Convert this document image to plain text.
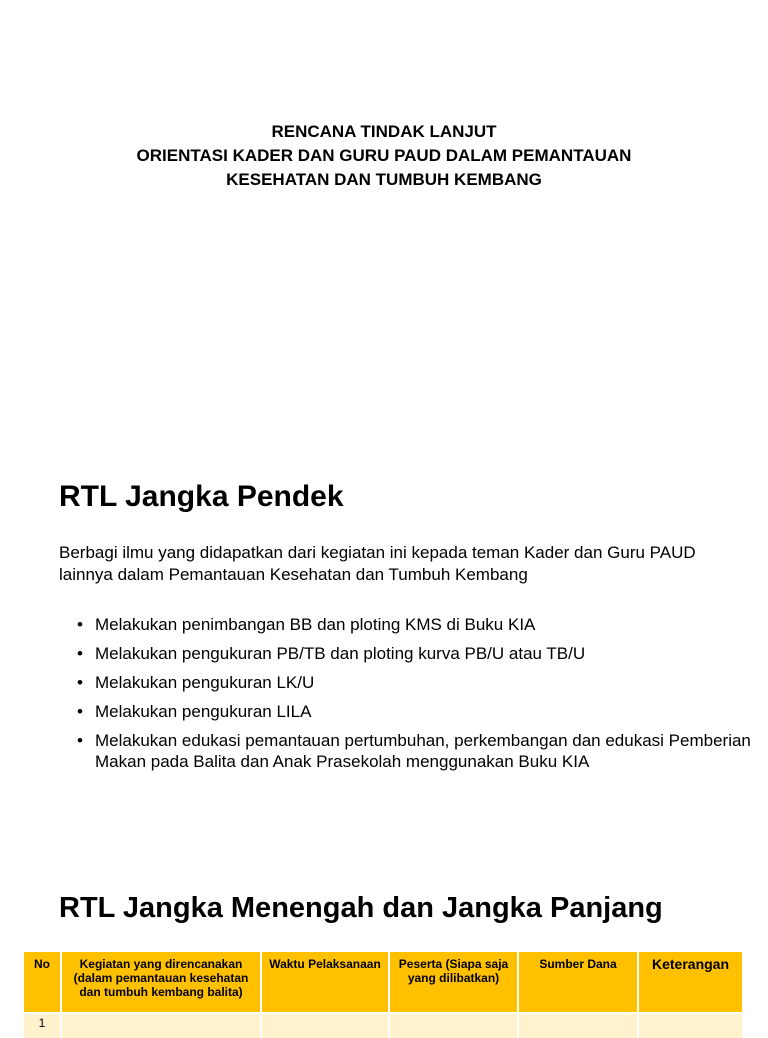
RENCANA TINDAK LANJUT
ORIENTASI KADER DAN GURU PAUD DALAM PEMANTAUAN
KESEHATAN DAN TUMBUH KEMBANG
RTL Jangka Pendek
Berbagi ilmu yang didapatkan dari kegiatan ini kepada teman Kader dan Guru PAUD lainnya dalam Pemantauan Kesehatan dan Tumbuh Kembang
• Melakukan penimbangan BB dan ploting KMS di Buku KIA
• Melakukan pengukuran PB/TB dan ploting kurva PB/U atau TB/U
• Melakukan pengukuran LK/U
• Melakukan pengukuran LILA
• Melakukan edukasi pemantauan pertumbuhan, perkembangan dan edukasi Pemberian Makan pada Balita dan Anak Prasekolah menggunakan Buku KIA
RTL Jangka Menengah dan Jangka Panjang
No	Kegiatan yang direncanakan (dalam pemantauan kesehatan dan tumbuh kembang balita)	Waktu Pelaksanaan	Peserta (Siapa saja yang dilibatkan)	Sumber Dana	Keterangan
1					
